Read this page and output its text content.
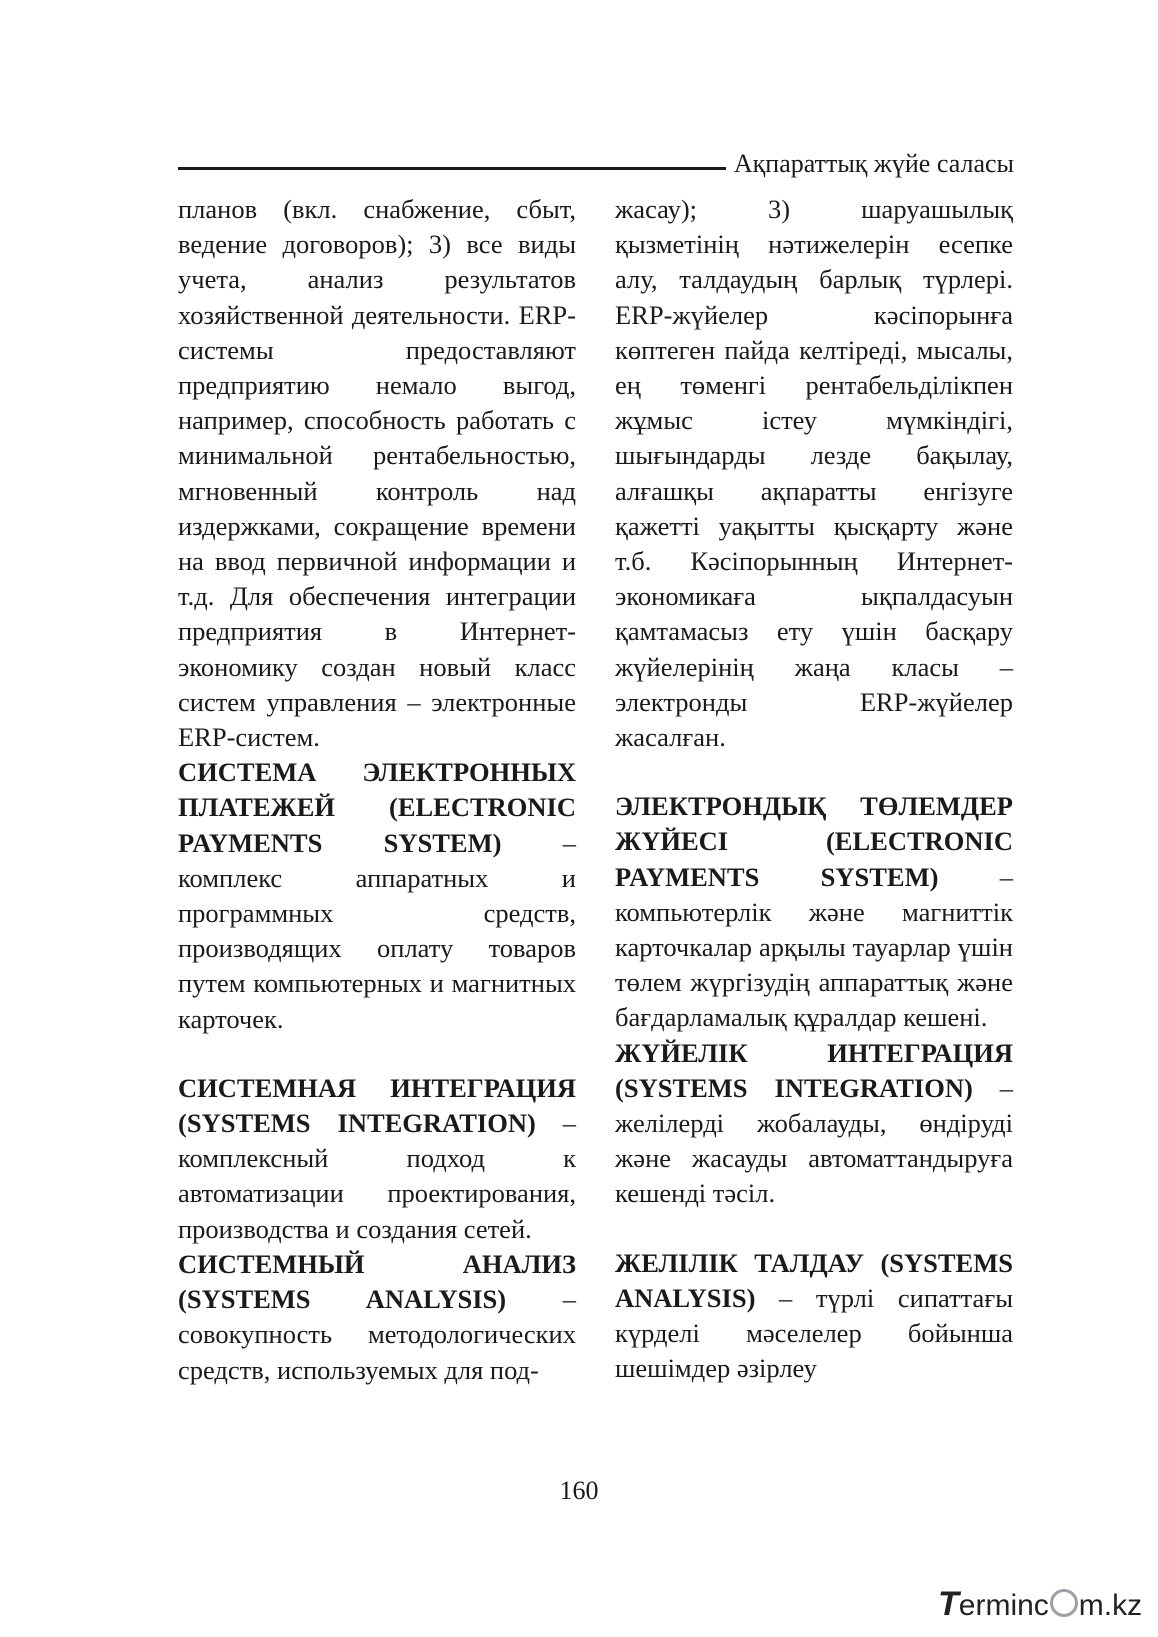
Ақпараттық жүйе саласы

планов (вкл. снабжение, сбыт, ведение договоров); 3) все виды учета, анализ результатов хозяйственной деятельности. ERP-системы предоставляют предприятию немало выгод, например, способность работать с минимальной рентабельностью, мгновенный контроль над издержками, сокращение времени на ввод первичной информации и т.д. Для обеспечения интеграции предприятия в Интернет-экономику создан новый класс систем управления – электронные ERP-систем.

СИСТЕМА ЭЛЕКТРОННЫХ ПЛАТЕЖЕЙ (ELECTRONIC PAYMENTS SYSTEM) – комплекс аппаратных и программных средств, производящих оплату товаров путем компьютерных и магнитных карточек.

СИСТЕМНАЯ ИНТЕГРАЦИЯ (SYSTEMS INTEGRATION) – комплексный подход к автоматизации проектирования, производства и создания сетей.

СИСТЕМНЫЙ АНАЛИЗ (SYSTEMS ANALYSIS) – совокупность методологических средств, используемых для под-

жасау); 3) шаруашылық қызметінің нәтижелерін есепке алу, талдаудың барлық түрлері. ERP-жүйелер кәсіпорынға көптеген пайда келтіреді, мысалы, ең төменгі рентабельділікпен жұмыс істеу мүмкіндігі, шығындарды лезде бақылау, алғашқы ақпаратты енгізуге қажетті уақытты қысқарту және т.б. Кәсіпорынның Интернет-экономикаға ықпалдасуын қамтамасыз ету үшін басқару жүйелерінің жаңа класы – электронды ERP-жүйелер жасалған.

ЭЛЕКТРОНДЫҚ ТӨЛЕМДЕР ЖҮЙЕСІ (ELECTRONIC PAYMENTS SYSTEM) – компьютерлік және магниттік карточкалар арқылы тауарлар үшін төлем жүргізудің аппараттық және бағдарламалық құралдар кешені.

ЖҮЙЕЛІК ИНТЕГРАЦИЯ (SYSTEMS INTEGRATION) – желілерді жобалауды, өндіруді және жасауды автоматтандыруға кешенді тәсіл.

ЖЕЛІЛІК ТАЛДАУ (SYSTEMS ANALYSIS) – түрлі сипаттағы күрделі мәселелер бойынша шешімдер әзірлеу

160
Terminc m.kz
